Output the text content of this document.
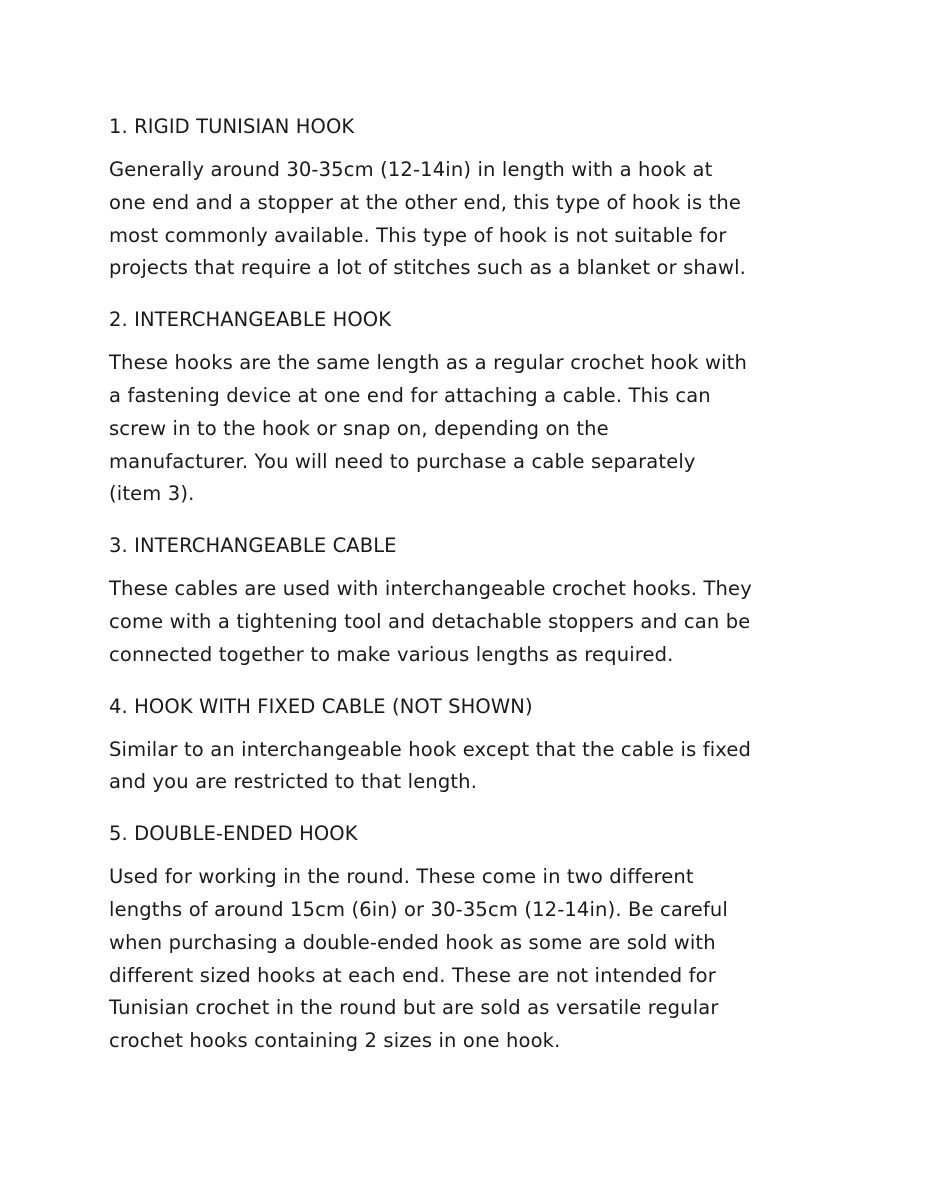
1. RIGID TUNISIAN HOOK

Generally around 30-35cm (12-14in) in length with a hook at
one end and a stopper at the other end, this type of hook is the
most commonly available. This type of hook is not suitable for
projects that require a lot of stitches such as a blanket or shawl.

2. INTERCHANGEABLE HOOK

These hooks are the same length as a regular crochet hook with
a fastening device at one end for attaching a cable. This can
screw in to the hook or snap on, depending on the
manufacturer. You will need to purchase a cable separately
(item 3).

3. INTERCHANGEABLE CABLE

These cables are used with interchangeable crochet hooks. They
come with a tightening tool and detachable stoppers and can be
connected together to make various lengths as required.

4. HOOK WITH FIXED CABLE (NOT SHOWN)

Similar to an interchangeable hook except that the cable is fixed
and you are restricted to that length.

5. DOUBLE-ENDED HOOK

Used for working in the round. These come in two different
lengths of around 15cm (6in) or 30-35cm (12-14in). Be careful
when purchasing a double-ended hook as some are sold with
different sized hooks at each end. These are not intended for
Tunisian crochet in the round but are sold as versatile regular
crochet hooks containing 2 sizes in one hook.
